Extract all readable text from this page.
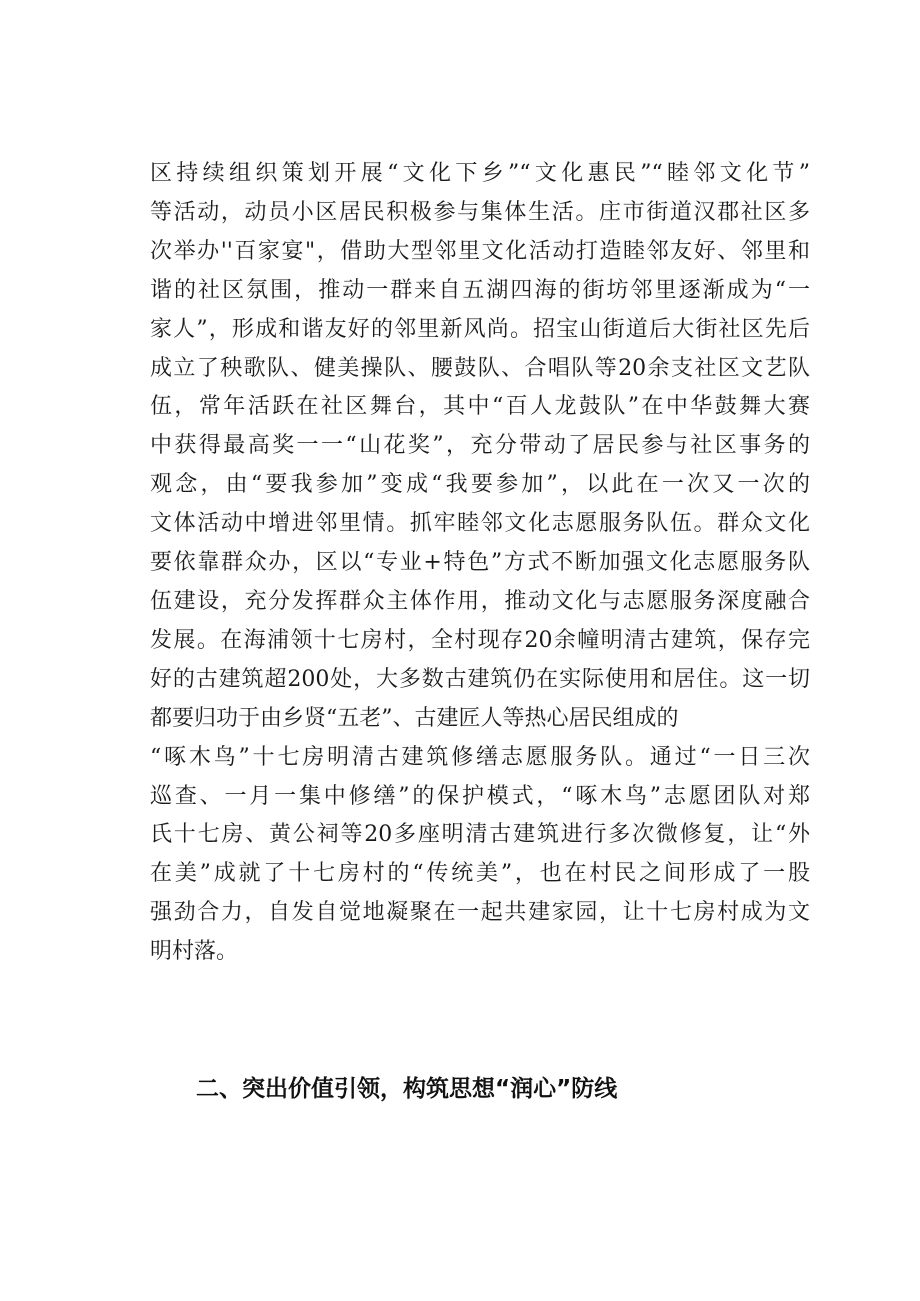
区持续组织策划开展“文化下乡”“文化惠民”“睦邻文化节”
等活动，动员小区居民积极参与集体生活。庄市街道汉郡社区多
次举办''百家宴"，借助大型邻里文化活动打造睦邻友好、邻里和
谐的社区氛围，推动一群来自五湖四海的街坊邻里逐渐成为“一
家人”，形成和谐友好的邻里新风尚。招宝山街道后大街社区先后
成立了秧歌队、健美操队、腰鼓队、合唱队等20余支社区文艺队
伍，常年活跃在社区舞台，其中“百人龙鼓队”在中华鼓舞大赛
中获得最高奖一一“山花奖”，充分带动了居民参与社区事务的
观念，由“要我参加”变成“我要参加”，以此在一次又一次的
文体活动中增进邻里情。抓牢睦邻文化志愿服务队伍。群众文化
要依靠群众办，区以“专业+特色”方式不断加强文化志愿服务队
伍建设，充分发挥群众主体作用，推动文化与志愿服务深度融合
发展。在海浦领十七房村，全村现存20余幢明清古建筑，保存完
好的古建筑超200处，大多数古建筑仍在实际使用和居住。这一切
都要归功于由乡贤“五老”、古建匠人等热心居民组成的
“啄木鸟”十七房明清古建筑修缮志愿服务队。通过“一日三次
巡查、一月一集中修缮”的保护模式，“啄木鸟”志愿团队对郑
氏十七房、黄公祠等20多座明清古建筑进行多次微修复，让“外
在美”成就了十七房村的“传统美”，也在村民之间形成了一股
强劲合力，自发自觉地凝聚在一起共建家园，让十七房村成为文
明村落。
二、突出价值引领，构筑思想“润心”防线
